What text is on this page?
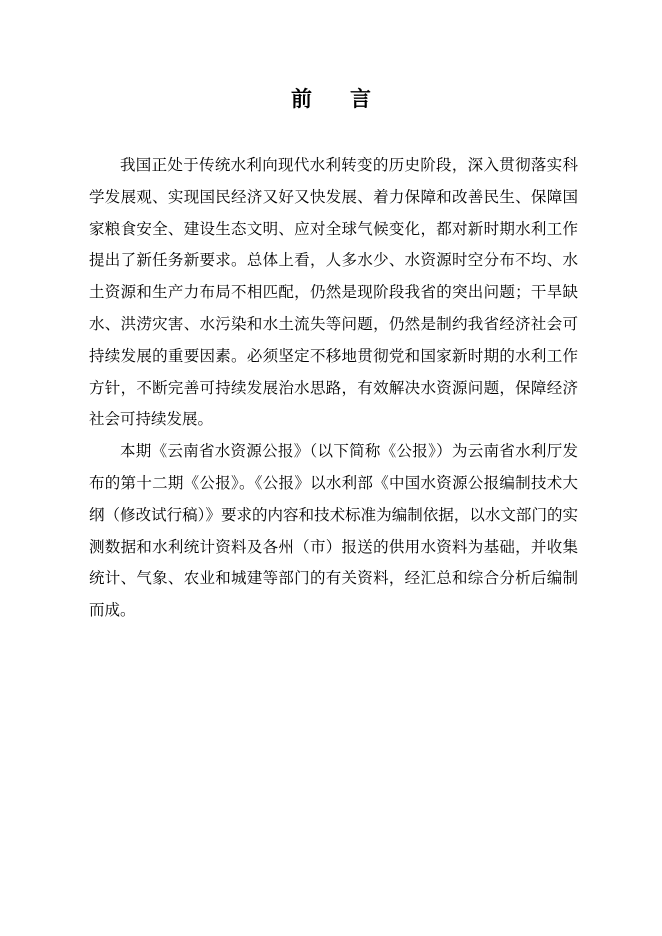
前 言

我国正处于传统水利向现代水利转变的历史阶段，深入贯彻落实科学发展观、实现国民经济又好又快发展、着力保障和改善民生、保障国家粮食安全、建设生态文明、应对全球气候变化，都对新时期水利工作提出了新任务新要求。总体上看，人多水少、水资源时空分布不均、水土资源和生产力布局不相匹配，仍然是现阶段我省的突出问题；干旱缺水、洪涝灾害、水污染和水土流失等问题，仍然是制约我省经济社会可持续发展的重要因素。必须坚定不移地贯彻党和国家新时期的水利工作方针，不断完善可持续发展治水思路，有效解决水资源问题，保障经济社会可持续发展。

本期《云南省水资源公报》（以下简称《公报》）为云南省水利厅发布的第十二期《公报》。《公报》以水利部《中国水资源公报编制技术大纲（修改试行稿）》要求的内容和技术标准为编制依据，以水文部门的实测数据和水利统计资料及各州（市）报送的供用水资料为基础，并收集统计、气象、农业和城建等部门的有关资料，经汇总和综合分析后编制而成。
